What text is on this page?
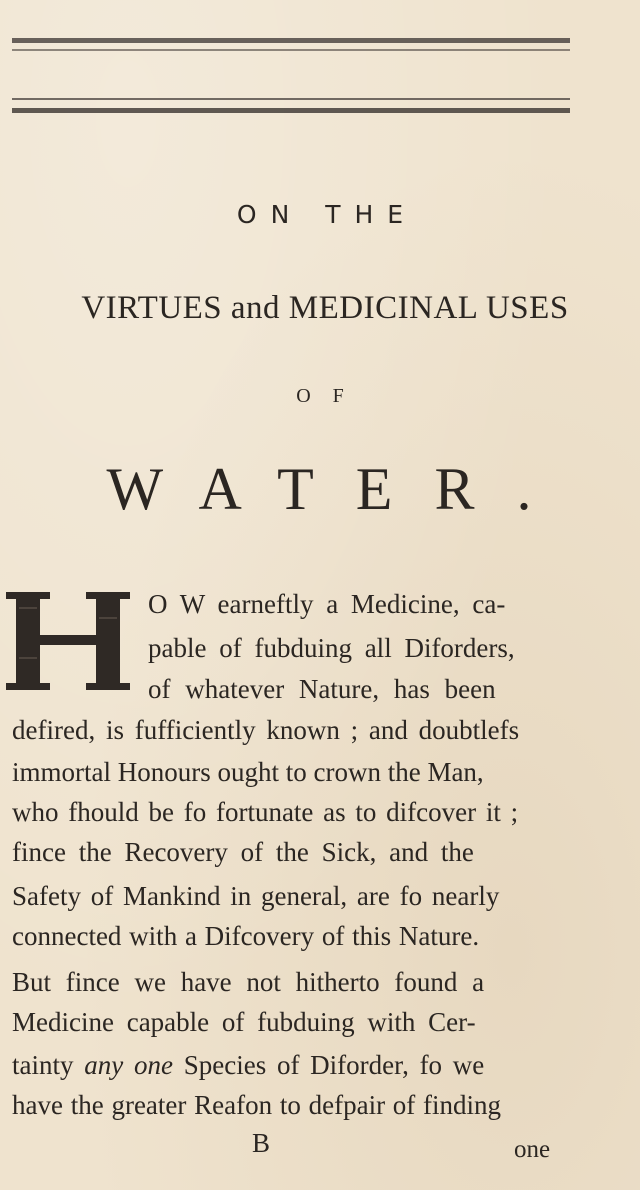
ON THE
VIRTUES and MEDICINAL USES
OF
WATER.
O W earneftly a Medicine, ca-
pable of fubduing all Diforders,
of whatever Nature, has been
defired, is fufficiently known ; and doubtlefs
immortal Honours ought to crown the Man,
who fhould be fo fortunate as to difcover it ;
fince the Recovery of the Sick, and the
Safety of Mankind in general, are fo nearly
connected with a Difcovery of this Nature.
But fince we have not hitherto found a
Medicine capable of fubduing with Cer-
tainty any one Species of Diforder, fo we
have the greater Reafon to defpair of finding
B	one
